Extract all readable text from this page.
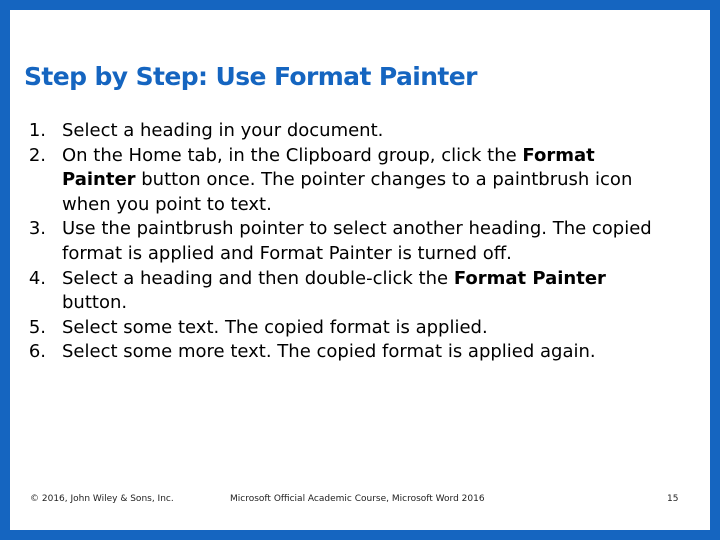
Step by Step: Use Format Painter
1. Select a heading in your document.
2. On the Home tab, in the Clipboard group, click the Format Painter button once. The pointer changes to a paintbrush icon when you point to text.
3. Use the paintbrush pointer to select another heading. The copied format is applied and Format Painter is turned off.
4. Select a heading and then double-click the Format Painter button.
5. Select some text. The copied format is applied.
6. Select some more text. The copied format is applied again.
© 2016, John Wiley & Sons, Inc.	Microsoft Official Academic Course, Microsoft Word 2016	15
